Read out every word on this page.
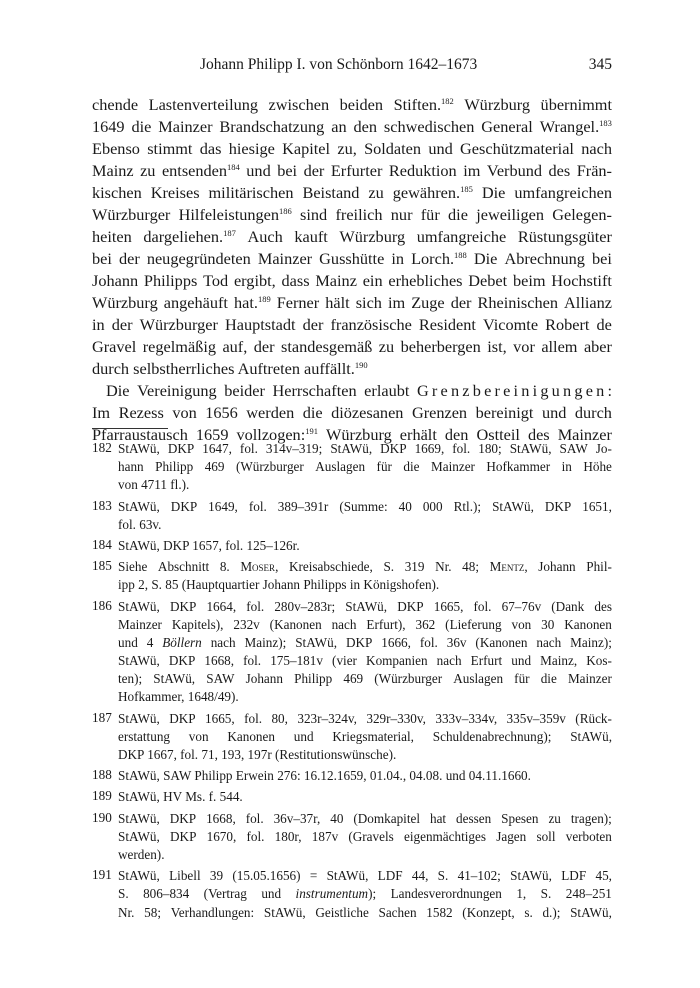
Johann Philipp I. von Schönborn 1642–1673	345
chende Lastenverteilung zwischen beiden Stiften.$^{182}$ Würzburg übernimmt
1649 die Mainzer Brandschatzung an den schwedischen General Wrangel.$^{183}$
Ebenso stimmt das hiesige Kapitel zu, Soldaten und Geschützmaterial nach
Mainz zu entsenden$^{184}$ und bei der Erfurter Reduktion im Verbund des Frän-
kischen Kreises militärischen Beistand zu gewähren.$^{185}$ Die umfangreichen
Würzburger Hilfeleistungen$^{186}$ sind freilich nur für die jeweiligen Gelegen-
heiten dargeliehen.$^{187}$ Auch kauft Würzburg umfangreiche Rüstungsgüter
bei der neugegründeten Mainzer Gusshütte in Lorch.$^{188}$ Die Abrechnung bei
Johann Philipps Tod ergibt, dass Mainz ein erhebliches Debet beim Hochstift
Würzburg angehäuft hat.$^{189}$ Ferner hält sich im Zuge der Rheinischen Allianz
in der Würzburger Hauptstadt der französische Resident Vicomte Robert de
Gravel regelmäßig auf, der standesgemäß zu beherbergen ist, vor allem aber
durch selbstherrliches Auftreten auffällt.$^{190}$
Die Vereinigung beider Herrschaften erlaubt Grenzbereinigungen:
Im Rezess von 1656 werden die diözesanen Grenzen bereinigt und durch
Pfarraustausch 1659 vollzogen:$^{191}$ Würzburg erhält den Ostteil des Mainzer
182 StAWü, DKP 1647, fol. 314v–319; StAWü, DKP 1669, fol. 180; StAWü, SAW Jo-
hann Philipp 469 (Würzburger Auslagen für die Mainzer Hofkammer in Höhe
von 4711 fl.).
183 StAWü, DKP 1649, fol. 389–391r (Summe: 40 000 Rtl.); StAWü, DKP 1651,
fol. 63v.
184 StAWü, DKP 1657, fol. 125–126r.
185 Siehe Abschnitt 8. Moser, Kreisabschiede, S. 319 Nr. 48; Mentz, Johann Phil-
ipp 2, S. 85 (Hauptquartier Johann Philipps in Königshofen).
186 StAWü, DKP 1664, fol. 280v–283r; StAWü, DKP 1665, fol. 67–76v (Dank des
Mainzer Kapitels), 232v (Kanonen nach Erfurt), 362 (Lieferung von 30 Kanonen
und 4 Böllern nach Mainz); StAWü, DKP 1666, fol. 36v (Kanonen nach Mainz);
StAWü, DKP 1668, fol. 175–181v (vier Kompanien nach Erfurt und Mainz, Kos-
ten); StAWü, SAW Johann Philipp 469 (Würzburger Auslagen für die Mainzer
Hofkammer, 1648/49).
187 StAWü, DKP 1665, fol. 80, 323r–324v, 329r–330v, 333v–334v, 335v–359v (Rück-
erstattung von Kanonen und Kriegsmaterial, Schuldenabrechnung); StAWü,
DKP 1667, fol. 71, 193, 197r (Restitutionswünsche).
188 StAWü, SAW Philipp Erwein 276: 16.12.1659, 01.04., 04.08. und 04.11.1660.
189 StAWü, HV Ms. f. 544.
190 StAWü, DKP 1668, fol. 36v–37r, 40 (Domkapitel hat dessen Spesen zu tragen);
StAWü, DKP 1670, fol. 180r, 187v (Gravels eigenmächtiges Jagen soll verboten
werden).
191 StAWü, Libell 39 (15.05.1656) = StAWü, LDF 44, S. 41–102; StAWü, LDF 45,
S. 806–834 (Vertrag und instrumentum); Landesverordnungen 1, S. 248–251
Nr. 58; Verhandlungen: StAWü, Geistliche Sachen 1582 (Konzept, s. d.); StAWü,
